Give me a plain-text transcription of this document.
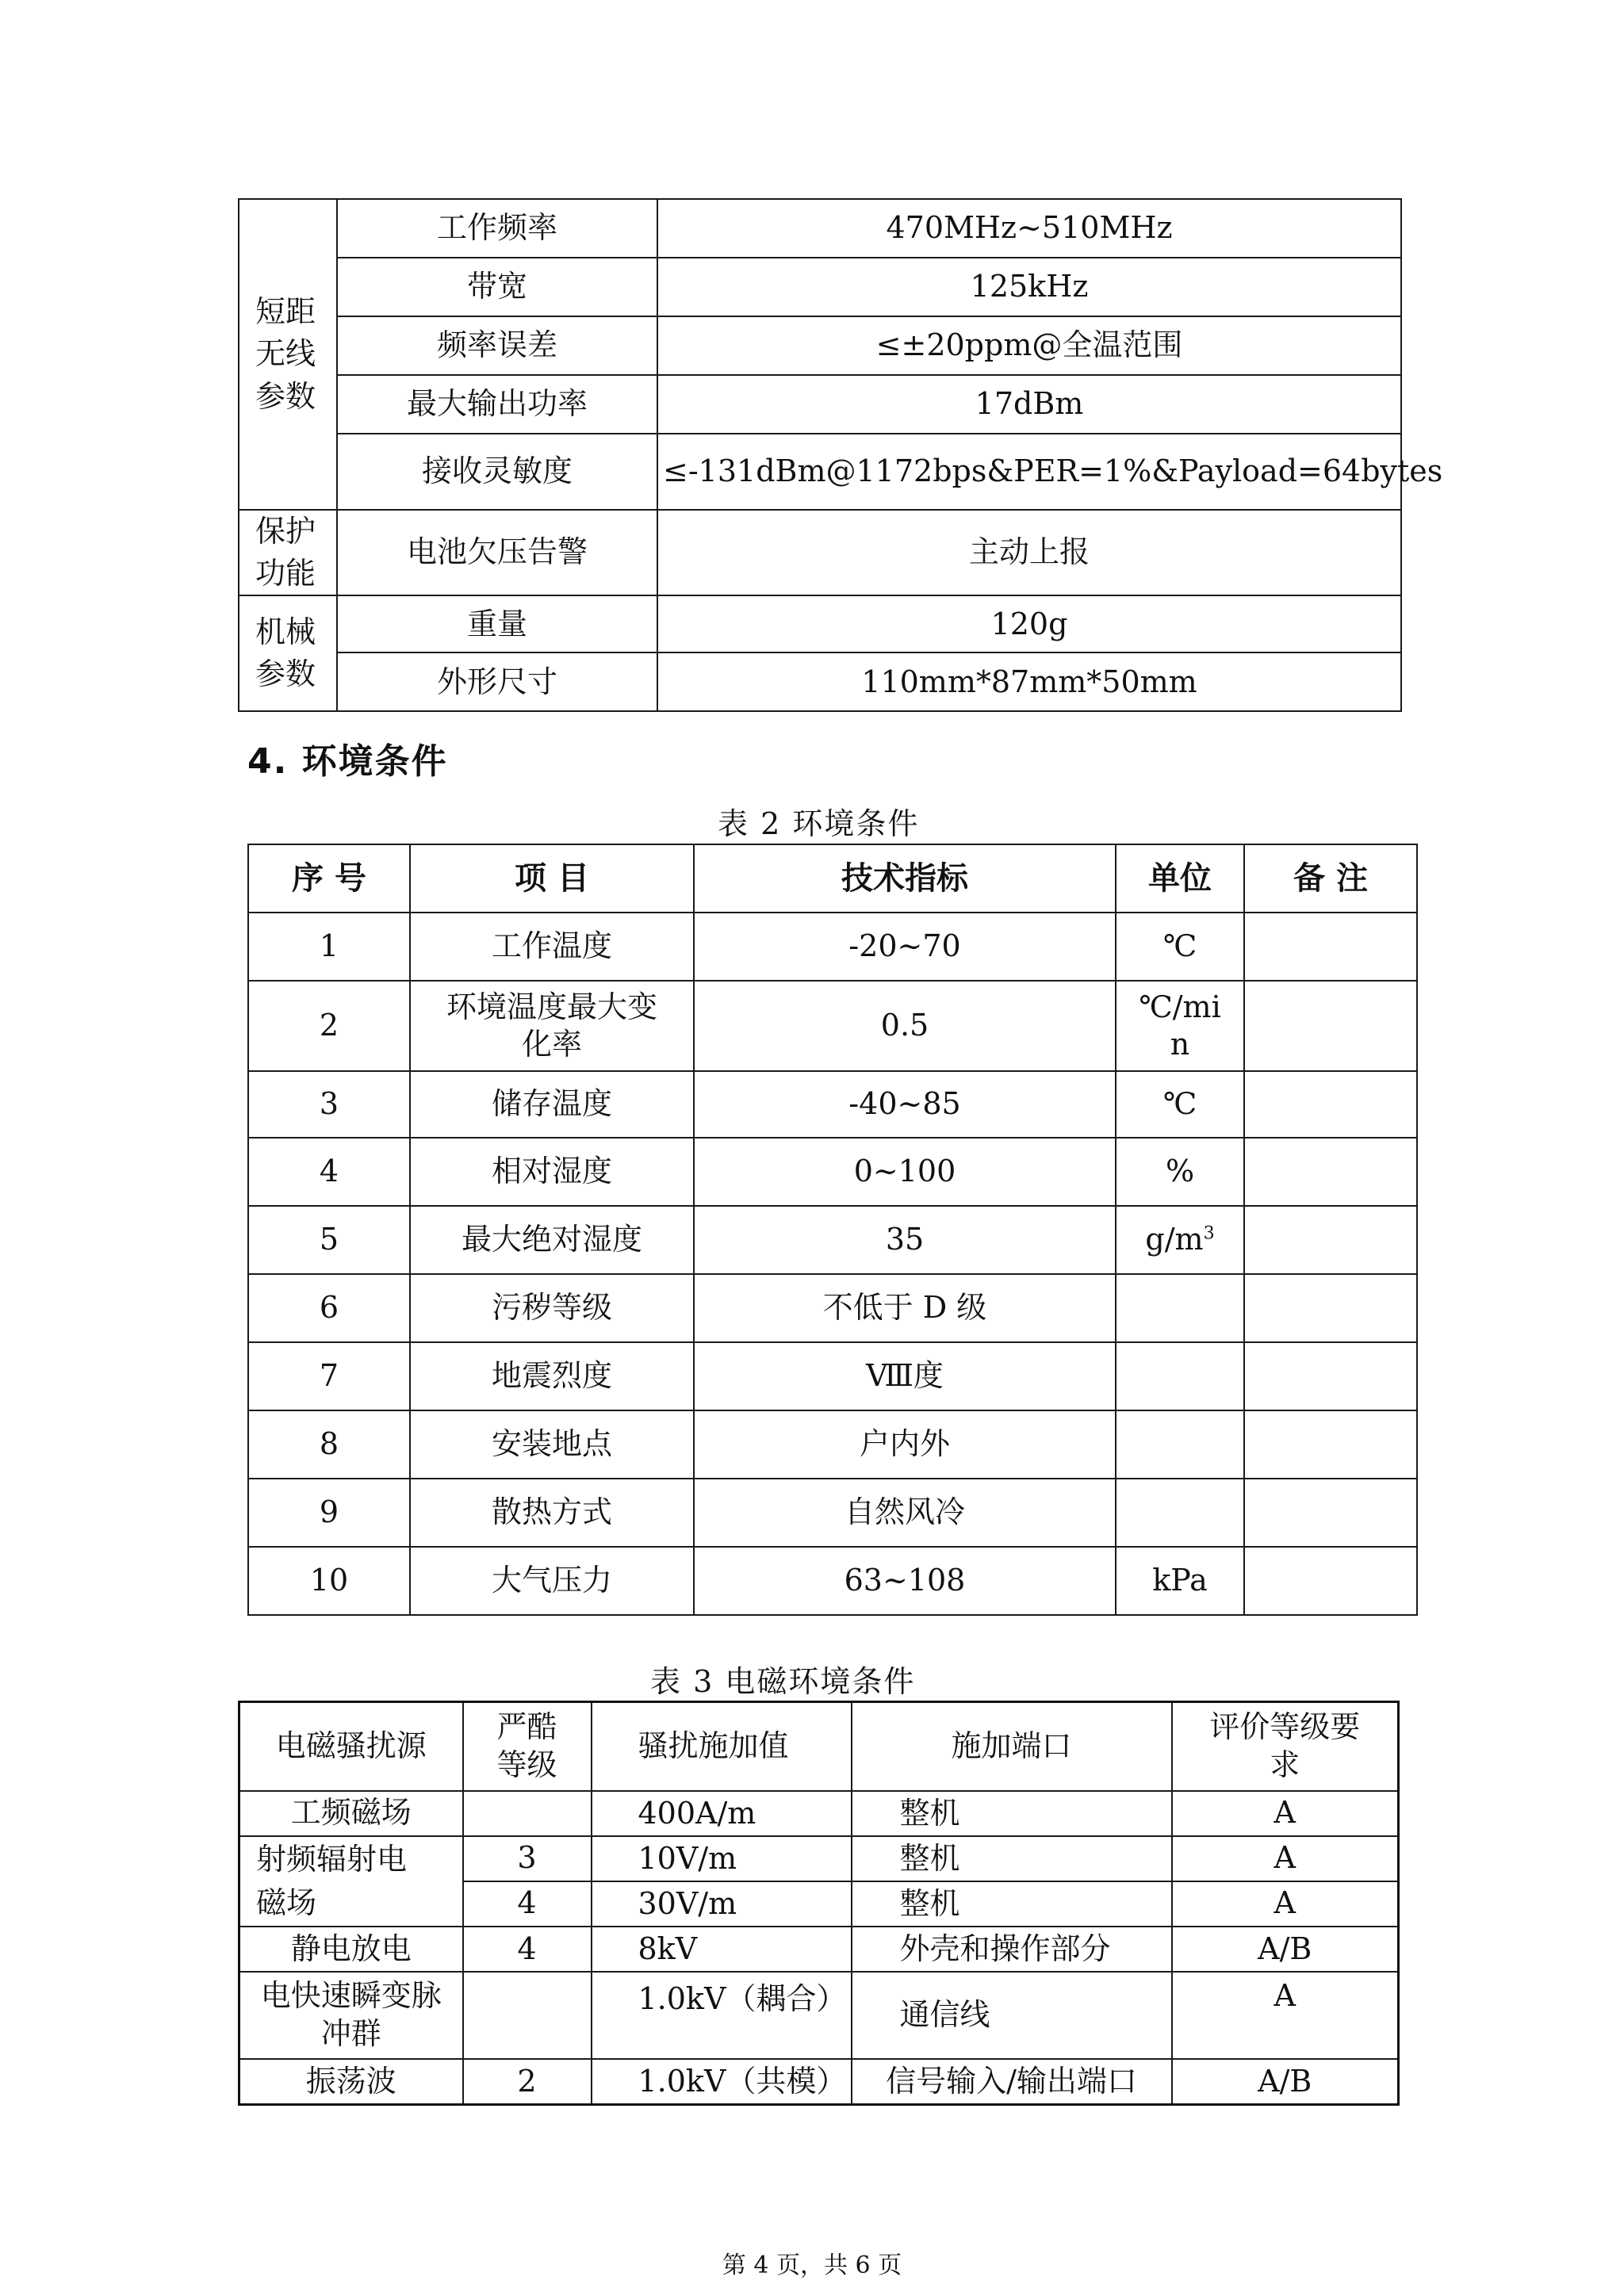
短距
无线
参数	工作频率	470MHz~510MHz
	带宽	125kHz
	频率误差	≤±20ppm@全温范围
	最大输出功率	17dBm
	接收灵敏度	≤-131dBm@1172bps&PER=1%&Payload=64bytes
保护
功能	电池欠压告警	主动上报
机械
参数	重量	120g
	外形尺寸	110mm*87mm*50mm
4. 环境条件
表 2 环境条件
序 号	项 目	技术指标	单位	备 注
1	工作温度	-20~70	℃	
2	环境温度最大变化率	0.5	℃/min	
3	储存温度	-40~85	℃	
4	相对湿度	0~100	%	
5	最大绝对湿度	35	$g/m^3$	
6	污秽等级	不低于 D 级		
7	地震烈度	Ⅷ度		
8	安装地点	户内外		
9	散热方式	自然风冷		
10	大气压力	63~108	kPa	
表 3 电磁环境条件
电磁骚扰源	严酷等级	骚扰施加值	施加端口	评价等级要求
工频磁场		400A/m	整机	A
射频辐射电磁场	3	10V/m	整机	A
	4	30V/m	整机	A
静电放电	4	8kV	外壳和操作部分	A/B
电快速瞬变脉冲群		1.0kV（耦合）	通信线	A
振荡波	2	1.0kV（共模）	信号输入/输出端口	A/B
第 4 页，共 6 页
